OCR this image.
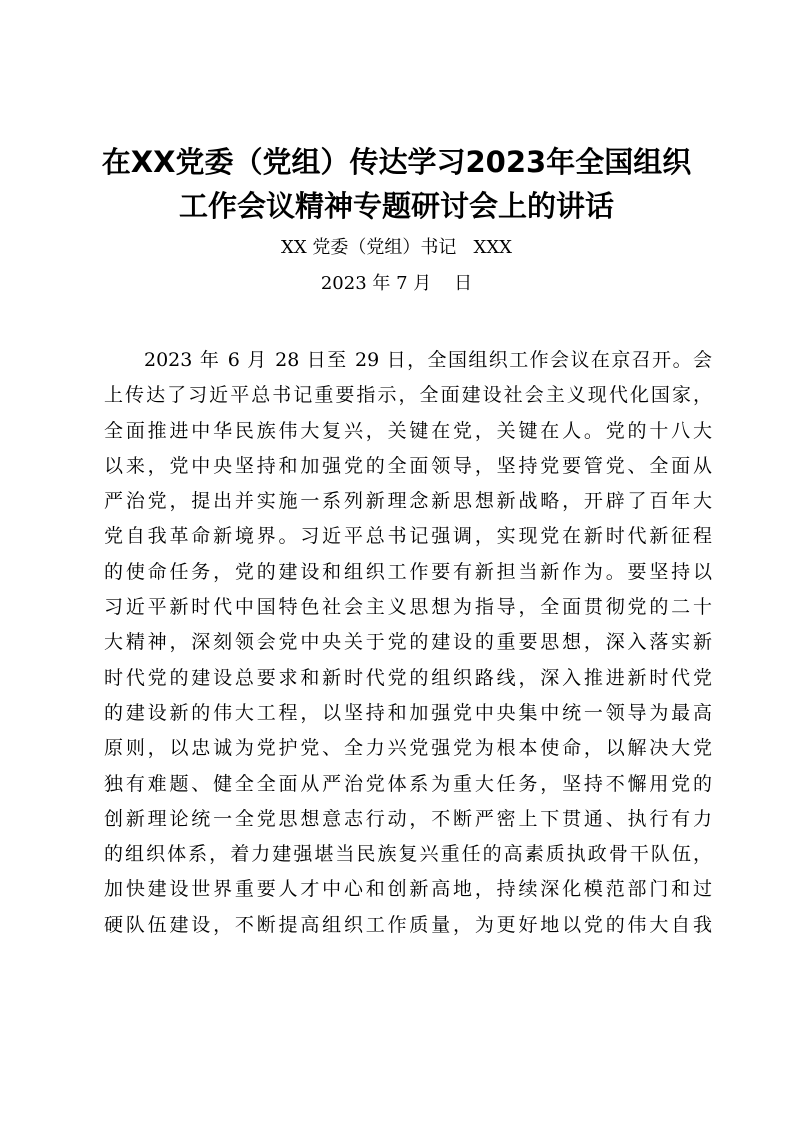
在XX党委（党组）传达学习2023年全国组织
工作会议精神专题研讨会上的讲话
XX 党委（党组）书记   XXX
2023 年 7 月    日
2023 年 6 月 28 日至 29 日，全国组织工作会议在京召开。会
上传达了习近平总书记重要指示，全面建设社会主义现代化国家，
全面推进中华民族伟大复兴，关键在党，关键在人。党的十八大
以来，党中央坚持和加强党的全面领导，坚持党要管党、全面从
严治党，提出并实施一系列新理念新思想新战略，开辟了百年大
党自我革命新境界。习近平总书记强调，实现党在新时代新征程
的使命任务，党的建设和组织工作要有新担当新作为。要坚持以
习近平新时代中国特色社会主义思想为指导，全面贯彻党的二十
大精神，深刻领会党中央关于党的建设的重要思想，深入落实新
时代党的建设总要求和新时代党的组织路线，深入推进新时代党
的建设新的伟大工程，以坚持和加强党中央集中统一领导为最高
原则，以忠诚为党护党、全力兴党强党为根本使命，以解决大党
独有难题、健全全面从严治党体系为重大任务，坚持不懈用党的
创新理论统一全党思想意志行动，不断严密上下贯通、执行有力
的组织体系，着力建强堪当民族复兴重任的高素质执政骨干队伍，
加快建设世界重要人才中心和创新高地，持续深化模范部门和过
硬队伍建设，不断提高组织工作质量，为更好地以党的伟大自我
